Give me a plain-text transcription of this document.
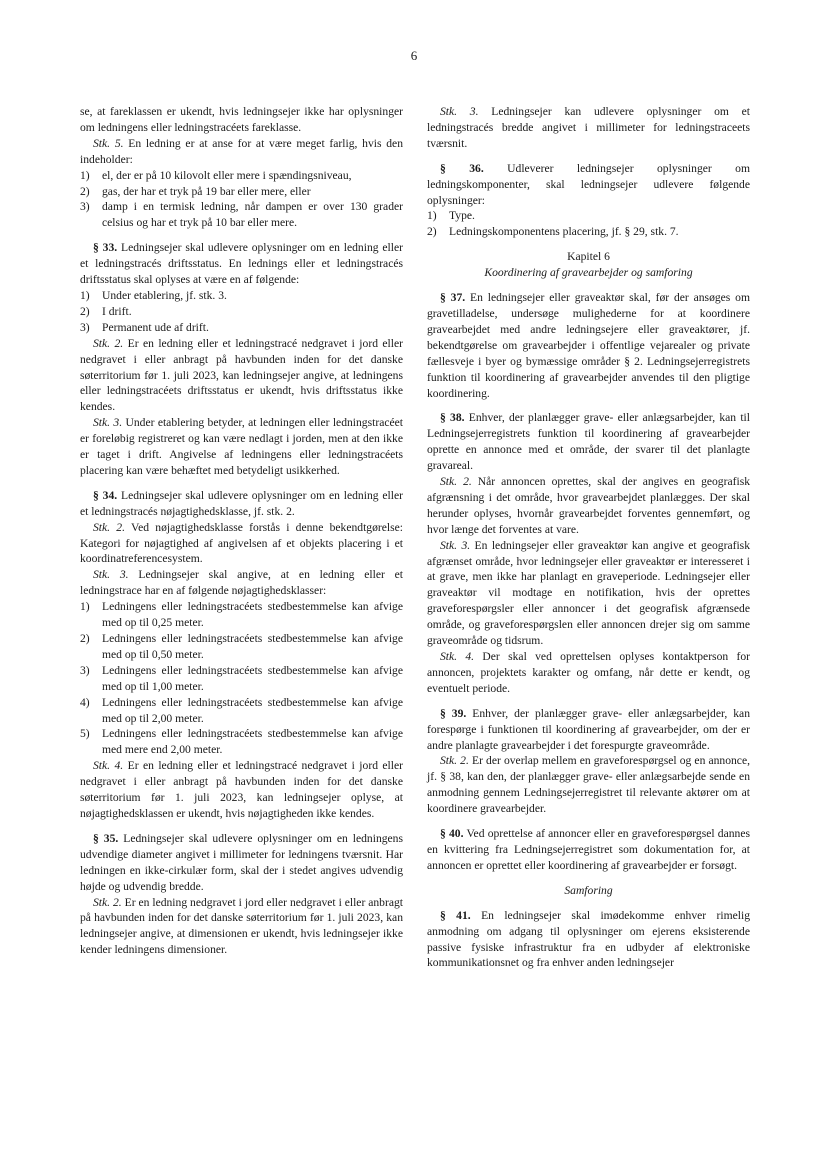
6

se, at fareklassen er ukendt, hvis ledningsejer ikke har oplysninger om ledningens eller ledningstracéets fareklasse.

Stk. 5. En ledning er at anse for at være meget farlig, hvis den indeholder:

1)	el, der er på 10 kilovolt eller mere i spændingsniveau,
2)	gas, der har et tryk på 19 bar eller mere, eller
3)	damp i en termisk ledning, når dampen er over 130 grader celsius og har et tryk på 10 bar eller mere.

§ 33. Ledningsejer skal udlevere oplysninger om en ledning eller et ledningstracés driftsstatus. En lednings eller et ledningstracés driftsstatus skal oplyses at være en af følgende:

1)	Under etablering, jf. stk. 3.
2)	I drift.
3)	Permanent ude af drift.

Stk. 2. Er en ledning eller et ledningstracé nedgravet i jord eller nedgravet i eller anbragt på havbunden inden for det danske søterritorium før 1. juli 2023, kan ledningsejer angive, at ledningens eller ledningstracéets driftsstatus er ukendt, hvis driftsstatus ikke kendes.

Stk. 3. Under etablering betyder, at ledningen eller ledningstracéet er foreløbig registreret og kan være nedlagt i jorden, men at den ikke er taget i drift. Angivelse af ledningens eller ledningstracéets placering kan være behæftet med betydeligt usikkerhed.

§ 34. Ledningsejer skal udlevere oplysninger om en ledning eller et ledningstracés nøjagtighedsklasse, jf. stk. 2.

Stk. 2. Ved nøjagtighedsklasse forstås i denne bekendtgørelse: Kategori for nøjagtighed af angivelsen af et objekts placering i et koordinatreferencesystem.

Stk. 3. Ledningsejer skal angive, at en ledning eller et ledningstrace har en af følgende nøjagtighedsklasser:

1)	Ledningens eller ledningstracéets stedbestemmelse kan afvige med op til 0,25 meter.
2)	Ledningens eller ledningstracéets stedbestemmelse kan afvige med op til 0,50 meter.
3)	Ledningens eller ledningstracéets stedbestemmelse kan afvige med op til 1,00 meter.
4)	Ledningens eller ledningstracéets stedbestemmelse kan afvige med op til 2,00 meter.
5)	Ledningens eller ledningstracéets stedbestemmelse kan afvige med mere end 2,00 meter.

Stk. 4. Er en ledning eller et ledningstracé nedgravet i jord eller nedgravet i eller anbragt på havbunden inden for det danske søterritorium før 1. juli 2023, kan ledningsejer oplyse, at nøjagtighedsklassen er ukendt, hvis nøjagtigheden ikke kendes.

§ 35. Ledningsejer skal udlevere oplysninger om en ledningens udvendige diameter angivet i millimeter for ledningens tværsnit. Har ledningen en ikke-cirkulær form, skal der i stedet angives udvendig højde og udvendig bredde.

Stk. 2. Er en ledning nedgravet i jord eller nedgravet i eller anbragt på havbunden inden for det danske søterritorium før 1. juli 2023, kan ledningsejer angive, at dimensionen er ukendt, hvis ledningsejer ikke kender ledningens dimensioner.

Stk. 3. Ledningsejer kan udlevere oplysninger om et ledningstracés bredde angivet i millimeter for ledningstraceets tværsnit.

§ 36. Udleverer ledningsejer oplysninger om ledningskomponenter, skal ledningsejer udlevere følgende oplysninger:

1)	Type.
2)	Ledningskomponentens placering, jf. § 29, stk. 7.

Kapitel 6

Koordinering af gravearbejder og samforing

§ 37. En ledningsejer eller graveaktør skal, før der ansøges om gravetilladelse, undersøge mulighederne for at koordinere gravearbejdet med andre ledningsejere eller graveaktører, jf. bekendtgørelse om gravearbejder i offentlige vejarealer og private fællesveje i byer og bymæssige områder § 2. Ledningsejerregistrets funktion til koordinering af gravearbejder anvendes til den pligtige koordinering.

§ 38. Enhver, der planlægger grave- eller anlægsarbejder, kan til Ledningsejerregistrets funktion til koordinering af gravearbejder oprette en annonce med et område, der svarer til det planlagte gravareal.

Stk. 2. Når annoncen oprettes, skal der angives en geografisk afgrænsning i det område, hvor gravearbejdet planlægges. Der skal herunder oplyses, hvornår gravearbejdet forventes gennemført, og hvor længe det forventes at vare.

Stk. 3. En ledningsejer eller graveaktør kan angive et geografisk afgrænset område, hvor ledningsejer eller graveaktør er interesseret i at grave, men ikke har planlagt en graveperiode. Ledningsejer eller graveaktør vil modtage en notifikation, hvis der oprettes graveforespørgsler eller annoncer i det geografisk afgrænsede område, og graveforespørgslen eller annoncen drejer sig om samme graveområde og tidsrum.

Stk. 4. Der skal ved oprettelsen oplyses kontaktperson for annoncen, projektets karakter og omfang, når dette er kendt, og eventuelt periode.

§ 39. Enhver, der planlægger grave- eller anlægsarbejder, kan forespørge i funktionen til koordinering af gravearbejder, om der er andre planlagte gravearbejder i det forespurgte graveområde.

Stk. 2. Er der overlap mellem en graveforespørgsel og en annonce, jf. § 38, kan den, der planlægger grave- eller anlægsarbejde sende en anmodning gennem Ledningsejerregistret til relevante aktører om at koordinere gravearbejder.

§ 40. Ved oprettelse af annoncer eller en graveforespørgsel dannes en kvittering fra Ledningsejerregistret som dokumentation for, at annoncen er oprettet eller koordinering af gravearbejder er forsøgt.

Samforing

§ 41. En ledningsejer skal imødekomme enhver rimelig anmodning om adgang til oplysninger om ejerens eksisterende passive fysiske infrastruktur fra en udbyder af elektroniske kommunikationsnet og fra enhver anden ledningsejer
